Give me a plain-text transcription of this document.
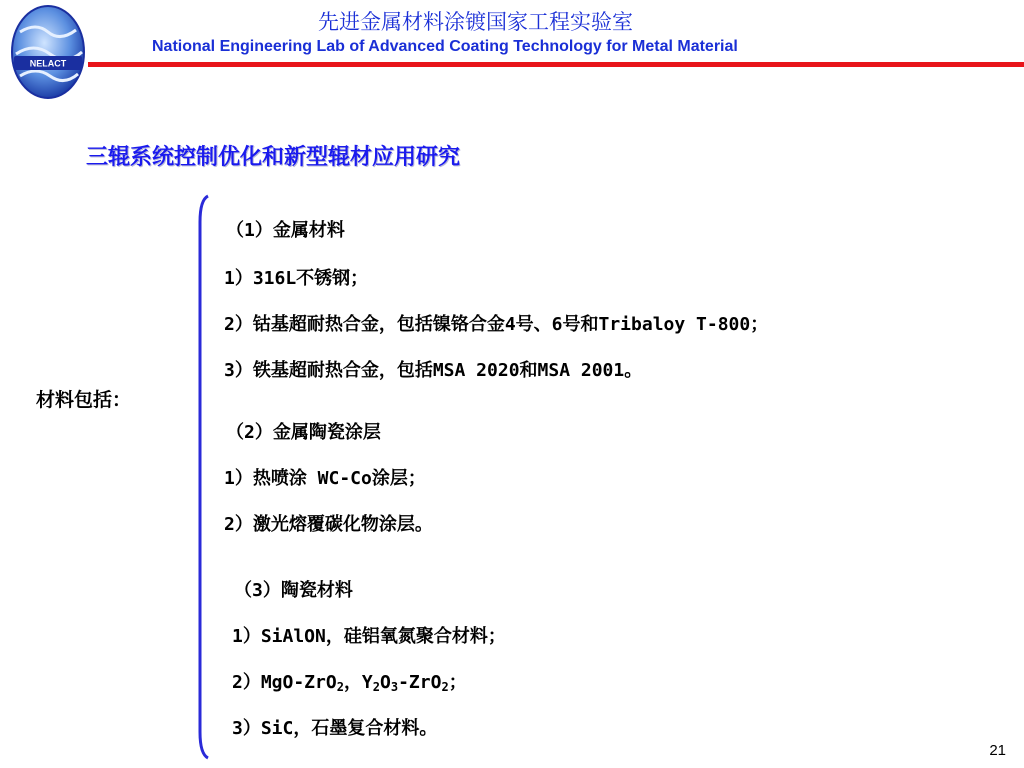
NELACT
先进金属材料涂镀国家工程实验室
National Engineering Lab of Advanced Coating Technology for Metal Material
三辊系统控制优化和新型辊材应用研究
材料包括：
（1）金属材料
1）316L不锈钢；
2）钴基超耐热合金，包括镍铬合金4号、6号和Tribaloy T-800；
3）铁基超耐热合金，包括MSA 2020和MSA 2001。
（2）金属陶瓷涂层
1）热喷涂 WC-Co涂层；
2）激光熔覆碳化物涂层。
（3）陶瓷材料
1）SiAlON，硅铝氧氮聚合材料；
2）MgO-ZrO$_2$，$Y_2O_3-ZrO_2$；
3）SiC，石墨复合材料。
21
